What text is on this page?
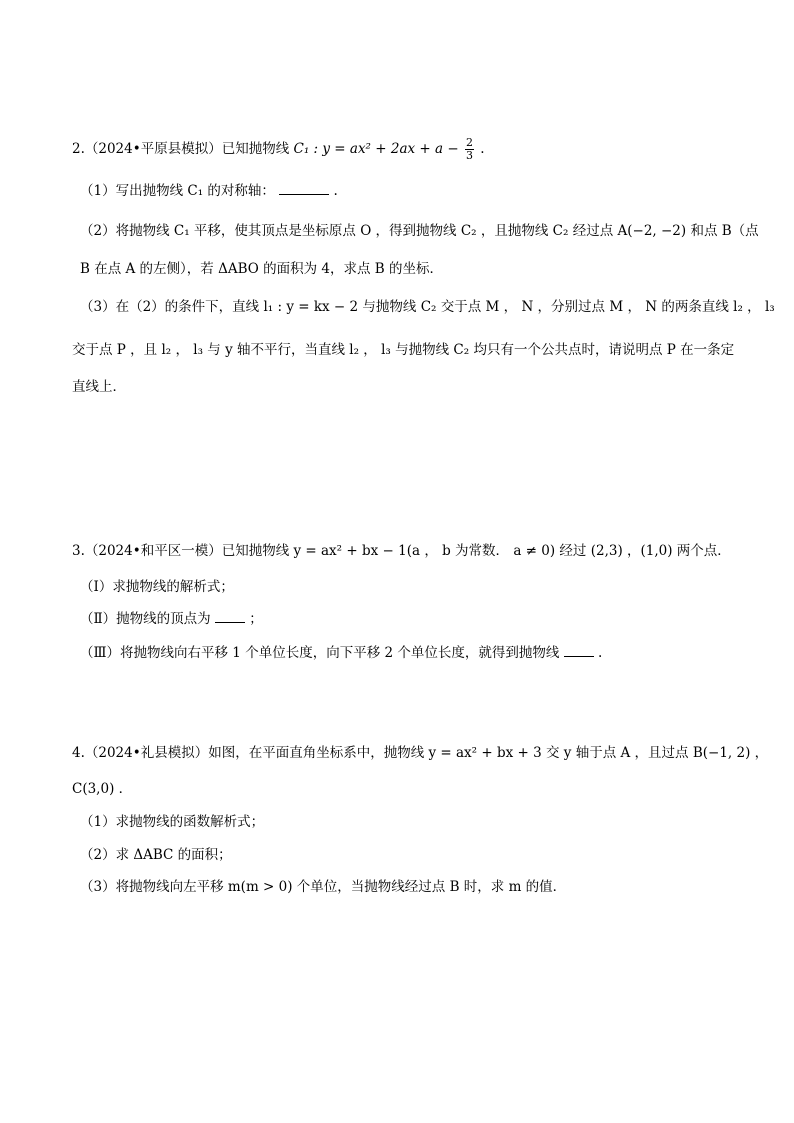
2.（2024•平原县模拟）已知抛物线 C₁ : $y = ax^2 + 2ax + a - \frac{2}{3}$ .
（1）写出抛物线 C₁ 的对称轴：	.
（2）将抛物线 C₁ 平移，使其顶点是坐标原点 O ，得到抛物线 C₂ ，且抛物线 C₂ 经过点 A(−2, −2) 和点 B（点
B 在点 A 的左侧），若 ΔABO 的面积为 4，求点 B 的坐标．
（3）在（2）的条件下，直线 l₁ : y = kx − 2 与抛物线 C₂ 交于点 M ， N ，分别过点 M ， N 的两条直线 l₂ ， l₃
交于点 P ，且 l₂ ， l₃ 与 y 轴不平行，当直线 l₂ ， l₃ 与抛物线 C₂ 均只有一个公共点时，请说明点 P 在一条定
直线上．
3.（2024•和平区一模）已知抛物线 y = ax² + bx − 1(a ， b 为常数． a ≠ 0) 经过 (2,3) ，(1,0) 两个点．
（Ⅰ）求抛物线的解析式；
（Ⅱ）抛物线的顶点为	；
（Ⅲ）将抛物线向右平移 1 个单位长度，向下平移 2 个单位长度，就得到抛物线	.
4.（2024•礼县模拟）如图，在平面直角坐标系中，抛物线 y = ax² + bx + 3 交 y 轴于点 A ，且过点 B(−1, 2) ，
C(3,0) ．
（1）求抛物线的函数解析式；
（2）求 ΔABC 的面积；
（3）将抛物线向左平移 m(m > 0) 个单位，当抛物线经过点 B 时，求 m 的值．
